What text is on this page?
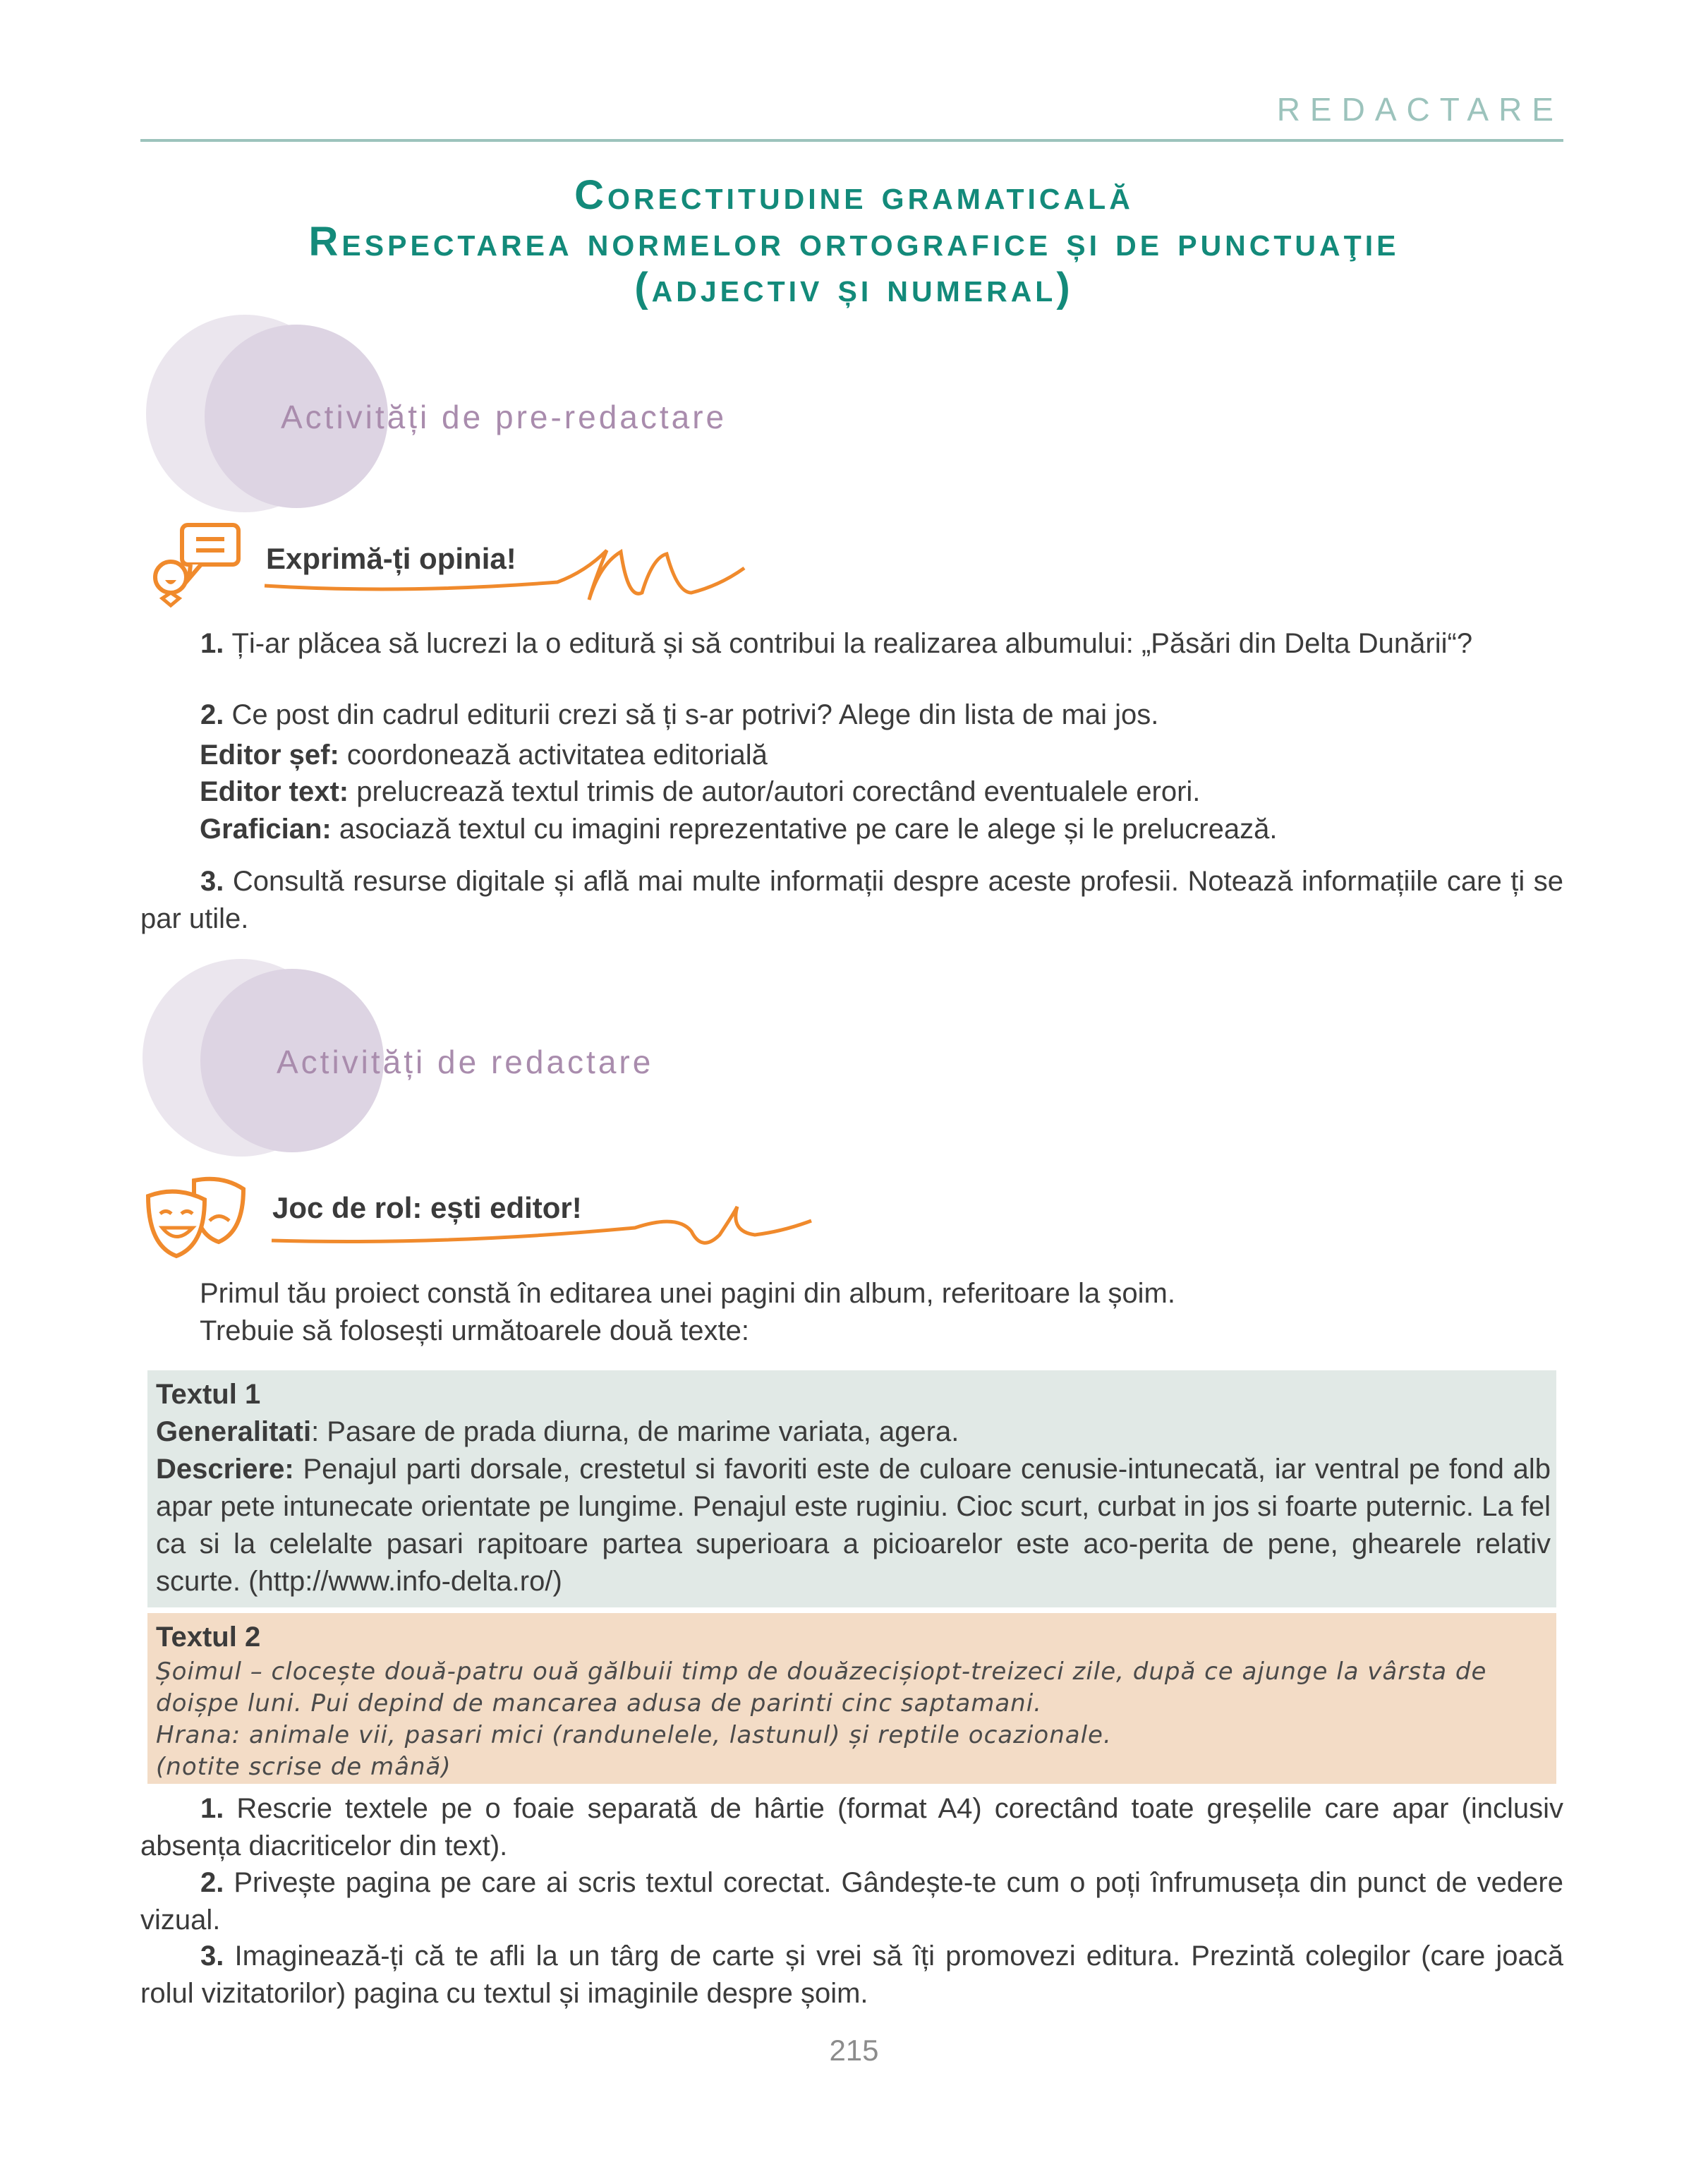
REDACTARE
Corectitudine gramaticală
Respectarea normelor ortografice și de punctuaţie
(adjectiv și numeral)
Activități de pre-redactare
Exprimă-ți opinia!
1. Ți-ar plăcea să lucrezi la o editură și să contribui la realizarea albumului: „Păsări din Delta Dunării“?
2. Ce post din cadrul editurii crezi să ți s-ar potrivi? Alege din lista de mai jos.
Editor șef: coordonează activitatea editorială
Editor text: prelucrează textul trimis de autor/autori corectând eventualele erori.
Grafician: asociază textul cu imagini reprezentative pe care le alege și le prelucrează.
3. Consultă resurse digitale și află mai multe informații despre aceste profesii. Notează informațiile care ți se par utile.
Activități de redactare
Joc de rol: ești editor!
Primul tău proiect constă în editarea unei pagini din album, referitoare la șoim.
Trebuie să folosești următoarele două texte:
Textul 1
Generalitati: Pasare de prada diurna, de marime variata, agera.
Descriere: Penajul parti dorsale, crestetul si favoriti este de culoare cenusie-intunecată, iar ventral pe fond alb apar pete intunecate orientate pe lungime. Penajul este ruginiu. Cioc scurt, curbat in jos si foarte puternic. La fel ca si la celelalte pasari rapitoare partea superioara a picioarelor este aco-perita de pene, ghearele relativ scurte. (http://www.info-delta.ro/)
Textul 2
Șoimul – clocește două-patru ouă gălbuii timp de douăzecișiopt-treizeci zile, după ce ajunge la vârsta de doișpe luni. Pui depind de mancarea adusa de parinti cinc saptamani.
Hrana: animale vii, pasari mici (randunelele, lastunul) și reptile ocazionale.
(notite scrise de mână)
1. Rescrie textele pe o foaie separată de hârtie (format A4) corectând toate greșelile care apar (inclusiv absența diacriticelor din text).
2. Privește pagina pe care ai scris textul corectat. Gândește-te cum o poți înfrumuseța din punct de vedere vizual.
3. Imaginează-ți că te afli la un târg de carte și vrei să îți promovezi editura. Prezintă colegilor (care joacă rolul vizitatorilor) pagina cu textul și imaginile despre șoim.
215
